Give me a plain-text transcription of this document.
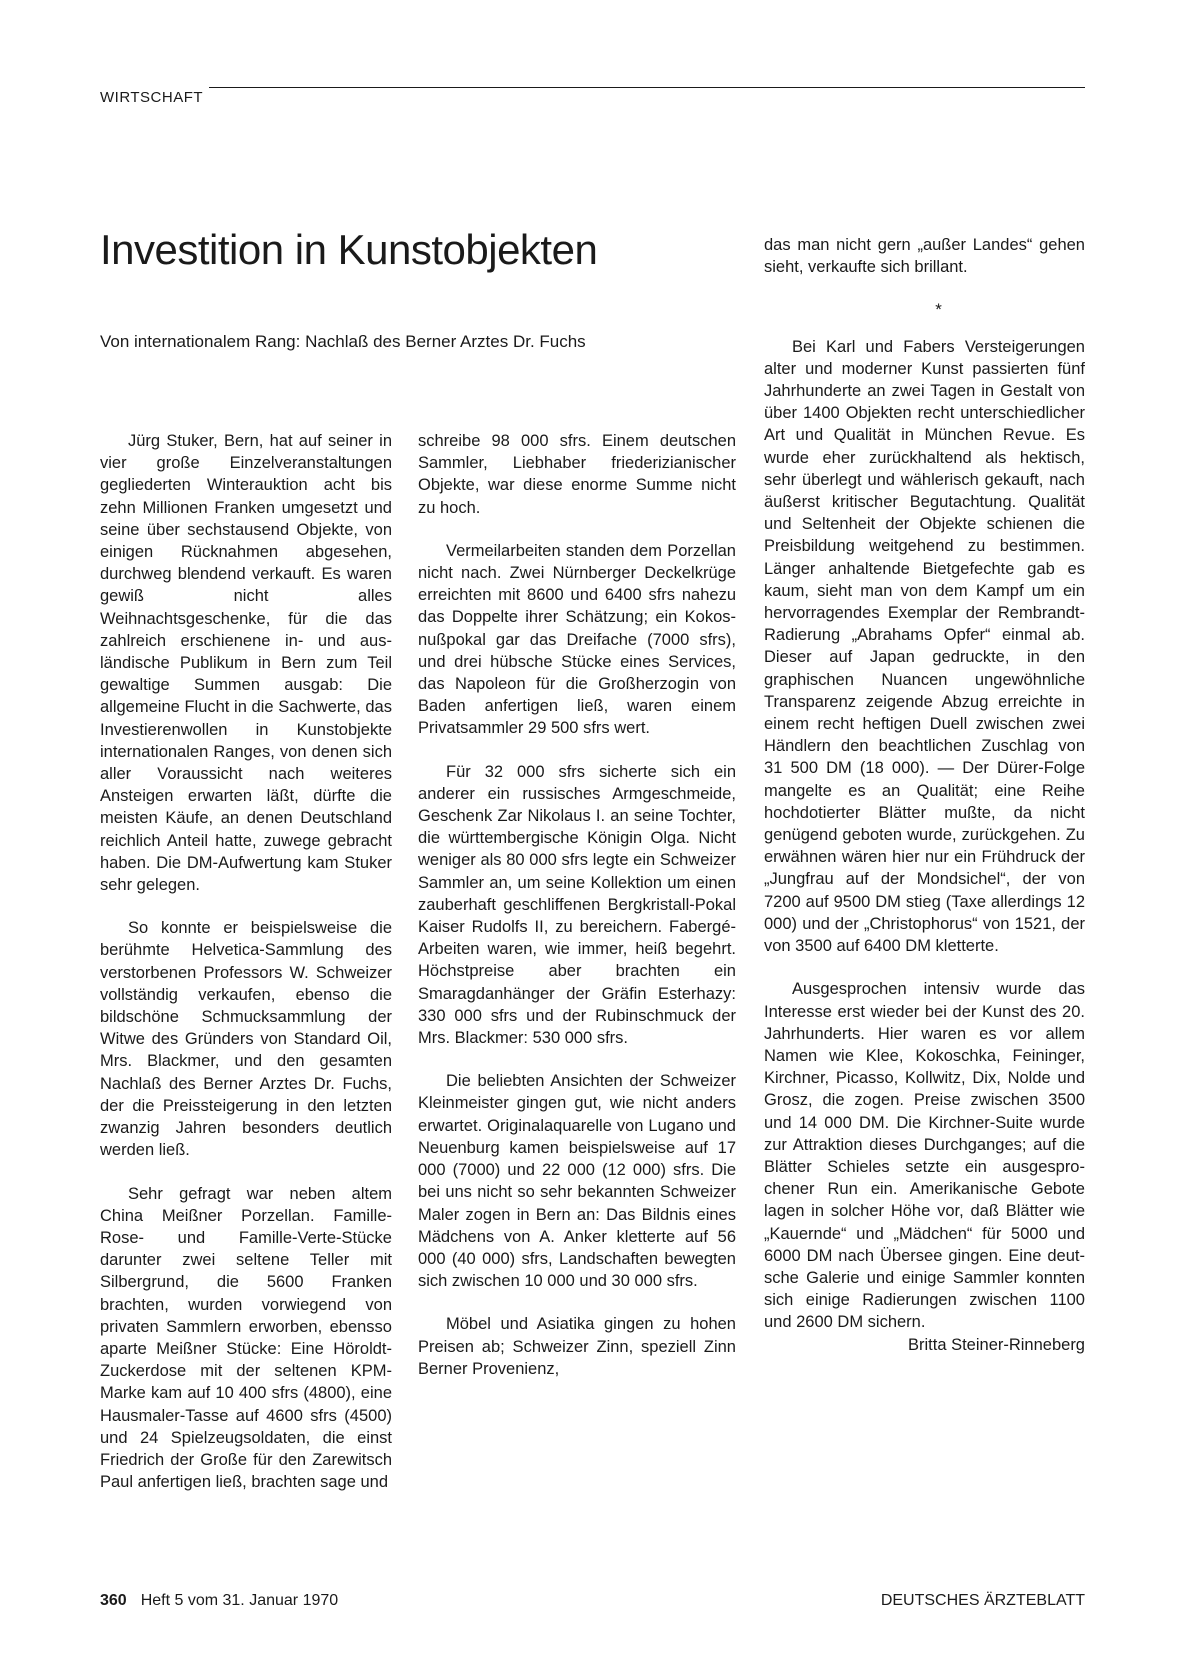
WIRTSCHAFT
Investition in Kunstobjekten

Von internationalem Rang: Nachlaß des Berner Arztes Dr. Fuchs

Jürg Stuker, Bern, hat auf seiner in vier große Einzelveranstaltungen gegliederten Winterauktion acht bis zehn Millionen Franken umgesetzt und seine über sechstausend Objekte, von einigen Rücknahmen abgesehen, durchweg blendend verkauft. Es waren gewiß nicht alles Weihnachtsgeschenke, für die das zahlreich erschienene in- und ausländische Publikum in Bern zum Teil gewaltige Summen ausgab: Die allgemeine Flucht in die Sachwerte, das Investierenwollen in Kunstobjekte internationalen Ranges, von denen sich aller Voraussicht nach weiteres Ansteigen erwarten läßt, dürfte die meisten Käufe, an denen Deutschland reichlich Anteil hatte, zuwege gebracht haben. Die DM-Aufwertung kam Stuker sehr gelegen.

So konnte er beispielsweise die berühmte Helvetica-Sammlung des verstorbenen Professors W. Schweizer vollständig verkaufen, ebenso die bildschöne Schmucksammlung der Witwe des Gründers von Standard Oil, Mrs. Blackmer, und den gesamten Nachlaß des Berner Arztes Dr. Fuchs, der die Preissteigerung in den letzten zwanzig Jahren besonders deutlich werden ließ.

Sehr gefragt war neben altem China Meißner Porzellan. Famille-Rose- und Famille-Verte-Stücke darunter zwei seltene Teller mit Silbergrund, die 5600 Franken brachten, wurden vorwiegend von privaten Sammlern erworben, ebensso aparte Meißner Stücke: Eine Höroldt-Zuckerdose mit der seltenen KPM-Marke kam auf 10 400 sfrs (4800), eine Hausmaler-Tasse auf 4600 sfrs (4500) und 24 Spielzeugsoldaten, die einst Friedrich der Große für den Zarewitsch Paul anfertigen ließ, brachten sage und

schreibe 98 000 sfrs. Einem deutschen Sammler, Liebhaber friederizianischer Objekte, war diese enorme Summe nicht zu hoch.

Vermeilarbeiten standen dem Porzellan nicht nach. Zwei Nürnberger Deckelkrüge erreichten mit 8600 und 6400 sfrs nahezu das Doppelte ihrer Schätzung; ein Kokosnußpokal gar das Dreifache (7000 sfrs), und drei hübsche Stücke eines Services, das Napoleon für die Großherzogin von Baden anfertigen ließ, waren einem Privatsammler 29 500 sfrs wert.

Für 32 000 sfrs sicherte sich ein anderer ein russisches Armgeschmeide, Geschenk Zar Nikolaus I. an seine Tochter, die württembergische Königin Olga. Nicht weniger als 80 000 sfrs legte ein Schweizer Sammler an, um seine Kollektion um einen zauberhaft geschliffenen Bergkristall-Pokal Kaiser Rudolfs II, zu bereichern. Fabergé-Arbeiten waren, wie immer, heiß begehrt. Höchstpreise aber brachten ein Smaragdanhänger der Gräfin Esterhazy: 330 000 sfrs und der Rubinschmuck der Mrs. Blackmer: 530 000 sfrs.

Die beliebten Ansichten der Schweizer Kleinmeister gingen gut, wie nicht anders erwartet. Originalaquarelle von Lugano und Neuenburg kamen beispielsweise auf 17 000 (7000) und 22 000 (12 000) sfrs. Die bei uns nicht so sehr bekannten Schweizer Maler zogen in Bern an: Das Bildnis eines Mädchens von A. Anker kletterte auf 56 000 (40 000) sfrs, Landschaften bewegten sich zwischen 10 000 und 30 000 sfrs.

Möbel und Asiatika gingen zu hohen Preisen ab; Schweizer Zinn, speziell Zinn Berner Provenienz,

das man nicht gern „außer Landes“ gehen sieht, verkaufte sich brillant.

*

Bei Karl und Fabers Versteigerungen alter und moderner Kunst passierten fünf Jahrhunderte an zwei Tagen in Gestalt von über 1400 Objekten recht unterschiedlicher Art und Qualität in München Revue. Es wurde eher zurückhaltend als hektisch, sehr überlegt und wählerisch gekauft, nach äußerst kritischer Begutachtung. Qualität und Seltenheit der Objekte schienen die Preisbildung weitgehend zu bestimmen. Länger anhaltende Bietgefechte gab es kaum, sieht man von dem Kampf um ein hervorragendes Exemplar der Rembrandt-Radierung „Abrahams Opfer“ einmal ab. Dieser auf Japan gedruckte, in den graphischen Nuancen ungewöhnliche Transparenz zeigende Abzug erreichte in einem recht heftigen Duell zwischen zwei Händlern den beachtlichen Zuschlag von 31 500 DM (18 000). — Der Dürer-Folge mangelte es an Qualität; eine Reihe hochdotierter Blätter mußte, da nicht genügend geboten wurde, zurückgehen. Zu erwähnen wären hier nur ein Frühdruck der „Jungfrau auf der Mondsichel“, der von 7200 auf 9500 DM stieg (Taxe allerdings 12 000) und der „Christophorus“ von 1521, der von 3500 auf 6400 DM kletterte.

Ausgesprochen intensiv wurde das Interesse erst wieder bei der Kunst des 20. Jahrhunderts. Hier waren es vor allem Namen wie Klee, Kokoschka, Feininger, Kirchner, Picasso, Kollwitz, Dix, Nolde und Grosz, die zogen. Preise zwischen 3500 und 14 000 DM. Die Kirchner-Suite wurde zur Attraktion dieses Durchganges; auf die Blätter Schieles setzte ein ausgesprochener Run ein. Amerikanische Gebote lagen in solcher Höhe vor, daß Blätter wie „Kauernde“ und „Mädchen“ für 5000 und 6000 DM nach Übersee gingen. Eine deutsche Galerie und einige Sammler konnten sich einige Radierungen zwischen 1100 und 2600 DM sichern.
Britta Steiner-Rinneberg

360 Heft 5 vom 31. Januar 1970	DEUTSCHES ÄRZTEBLATT
